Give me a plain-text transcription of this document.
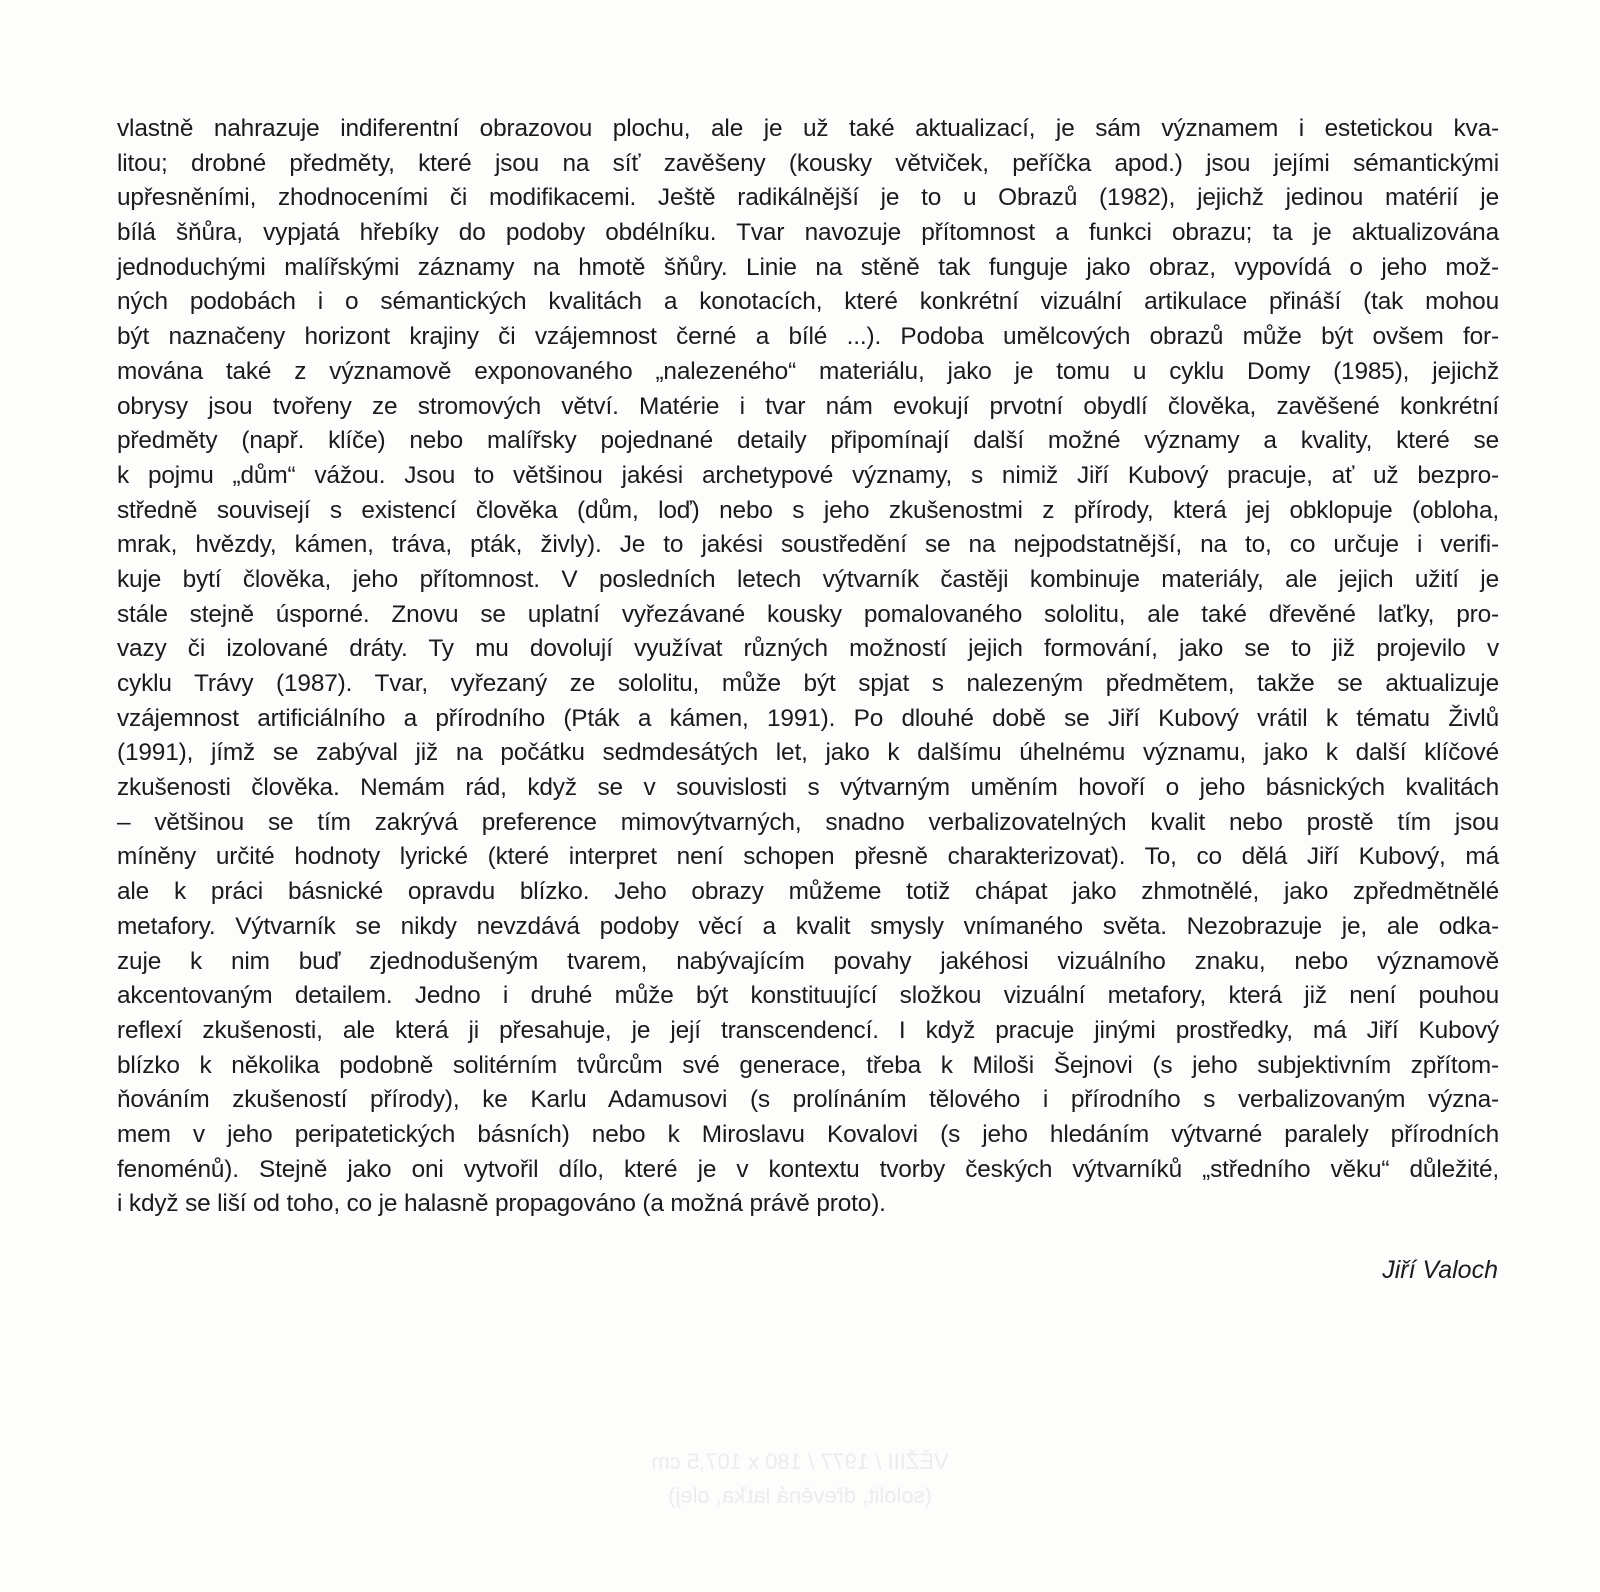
vlastně nahrazuje indiferentní obrazovou plochu, ale je už také aktualizací, je sám významem i estetickou kva-
litou; drobné předměty, které jsou na síť zavěšeny (kousky větviček, peříčka apod.) jsou jejími sémantickými
upřesněními, zhodnoceními či modifikacemi. Ještě radikálnější je to u Obrazů (1982), jejichž jedinou matérií je
bílá šňůra, vypjatá hřebíky do podoby obdélníku. Tvar navozuje přítomnost a funkci obrazu; ta je aktualizována
jednoduchými malířskými záznamy na hmotě šňůry. Linie na stěně tak funguje jako obraz, vypovídá o jeho mož-
ných podobách i o sémantických kvalitách a konotacích, které konkrétní vizuální artikulace přináší (tak mohou
být naznačeny horizont krajiny či vzájemnost černé a bílé ...). Podoba umělcových obrazů může být ovšem for-
mována také z významově exponovaného „nalezeného“ materiálu, jako je tomu u cyklu Domy (1985), jejichž
obrysy jsou tvořeny ze stromových větví. Matérie i tvar nám evokují prvotní obydlí člověka, zavěšené konkrétní
předměty (např. klíče) nebo malířsky pojednané detaily připomínají další možné významy a kvality, které se
k pojmu „dům“ vážou. Jsou to většinou jakési archetypové významy, s nimiž Jiří Kubový pracuje, ať už bezpro-
středně souvisejí s existencí člověka (dům, loď) nebo s jeho zkušenostmi z přírody, která jej obklopuje (obloha,
mrak, hvězdy, kámen, tráva, pták, živly). Je to jakési soustředění se na nejpodstatnější, na to, co určuje i verifi-
kuje bytí člověka, jeho přítomnost. V posledních letech výtvarník častěji kombinuje materiály, ale jejich užití je
stále stejně úsporné. Znovu se uplatní vyřezávané kousky pomalovaného sololitu, ale také dřevěné laťky, pro-
vazy či izolované dráty. Ty mu dovolují využívat různých možností jejich formování, jako se to již projevilo v
cyklu Trávy (1987). Tvar, vyřezaný ze sololitu, může být spjat s nalezeným předmětem, takže se aktualizuje
vzájemnost artificiálního a přírodního (Pták a kámen, 1991). Po dlouhé době se Jiří Kubový vrátil k tématu Živlů
(1991), jímž se zabýval již na počátku sedmdesátých let, jako k dalšímu úhelnému významu, jako k další klíčové
zkušenosti člověka. Nemám rád, když se v souvislosti s výtvarným uměním hovoří o jeho básnických kvalitách
– většinou se tím zakrývá preference mimovýtvarných, snadno verbalizovatelných kvalit nebo prostě tím jsou
míněny určité hodnoty lyrické (které interpret není schopen přesně charakterizovat). To, co dělá Jiří Kubový, má
ale k práci básnické opravdu blízko. Jeho obrazy můžeme totiž chápat jako zhmotnělé, jako zpředmětnělé
metafory. Výtvarník se nikdy nevzdává podoby věcí a kvalit smysly vnímaného světa. Nezobrazuje je, ale odka-
zuje k nim buď zjednodušeným tvarem, nabývajícím povahy jakéhosi vizuálního znaku, nebo významově
akcentovaným detailem. Jedno i druhé může být konstituující složkou vizuální metafory, která již není pouhou
reflexí zkušenosti, ale která ji přesahuje, je její transcendencí. I když pracuje jinými prostředky, má Jiří Kubový
blízko k několika podobně solitérním tvůrcům své generace, třeba k Miloši Šejnovi (s jeho subjektivním zpřítom-
ňováním zkušeností přírody), ke Karlu Adamusovi (s prolínáním tělového i přírodního s verbalizovaným význa-
mem v jeho peripatetických básních) nebo k Miroslavu Kovalovi (s jeho hledáním výtvarné paralely přírodních
fenoménů). Stejně jako oni vytvořil dílo, které je v kontextu tvorby českých výtvarníků „středního věku“ důležité,
i když se liší od toho, co je halasně propagováno (a možná právě proto).
Jiří Valoch
VĚŽIII / 1977 / 180 x 107,5 cm
(sololit, dřevěná laťka, olej)
